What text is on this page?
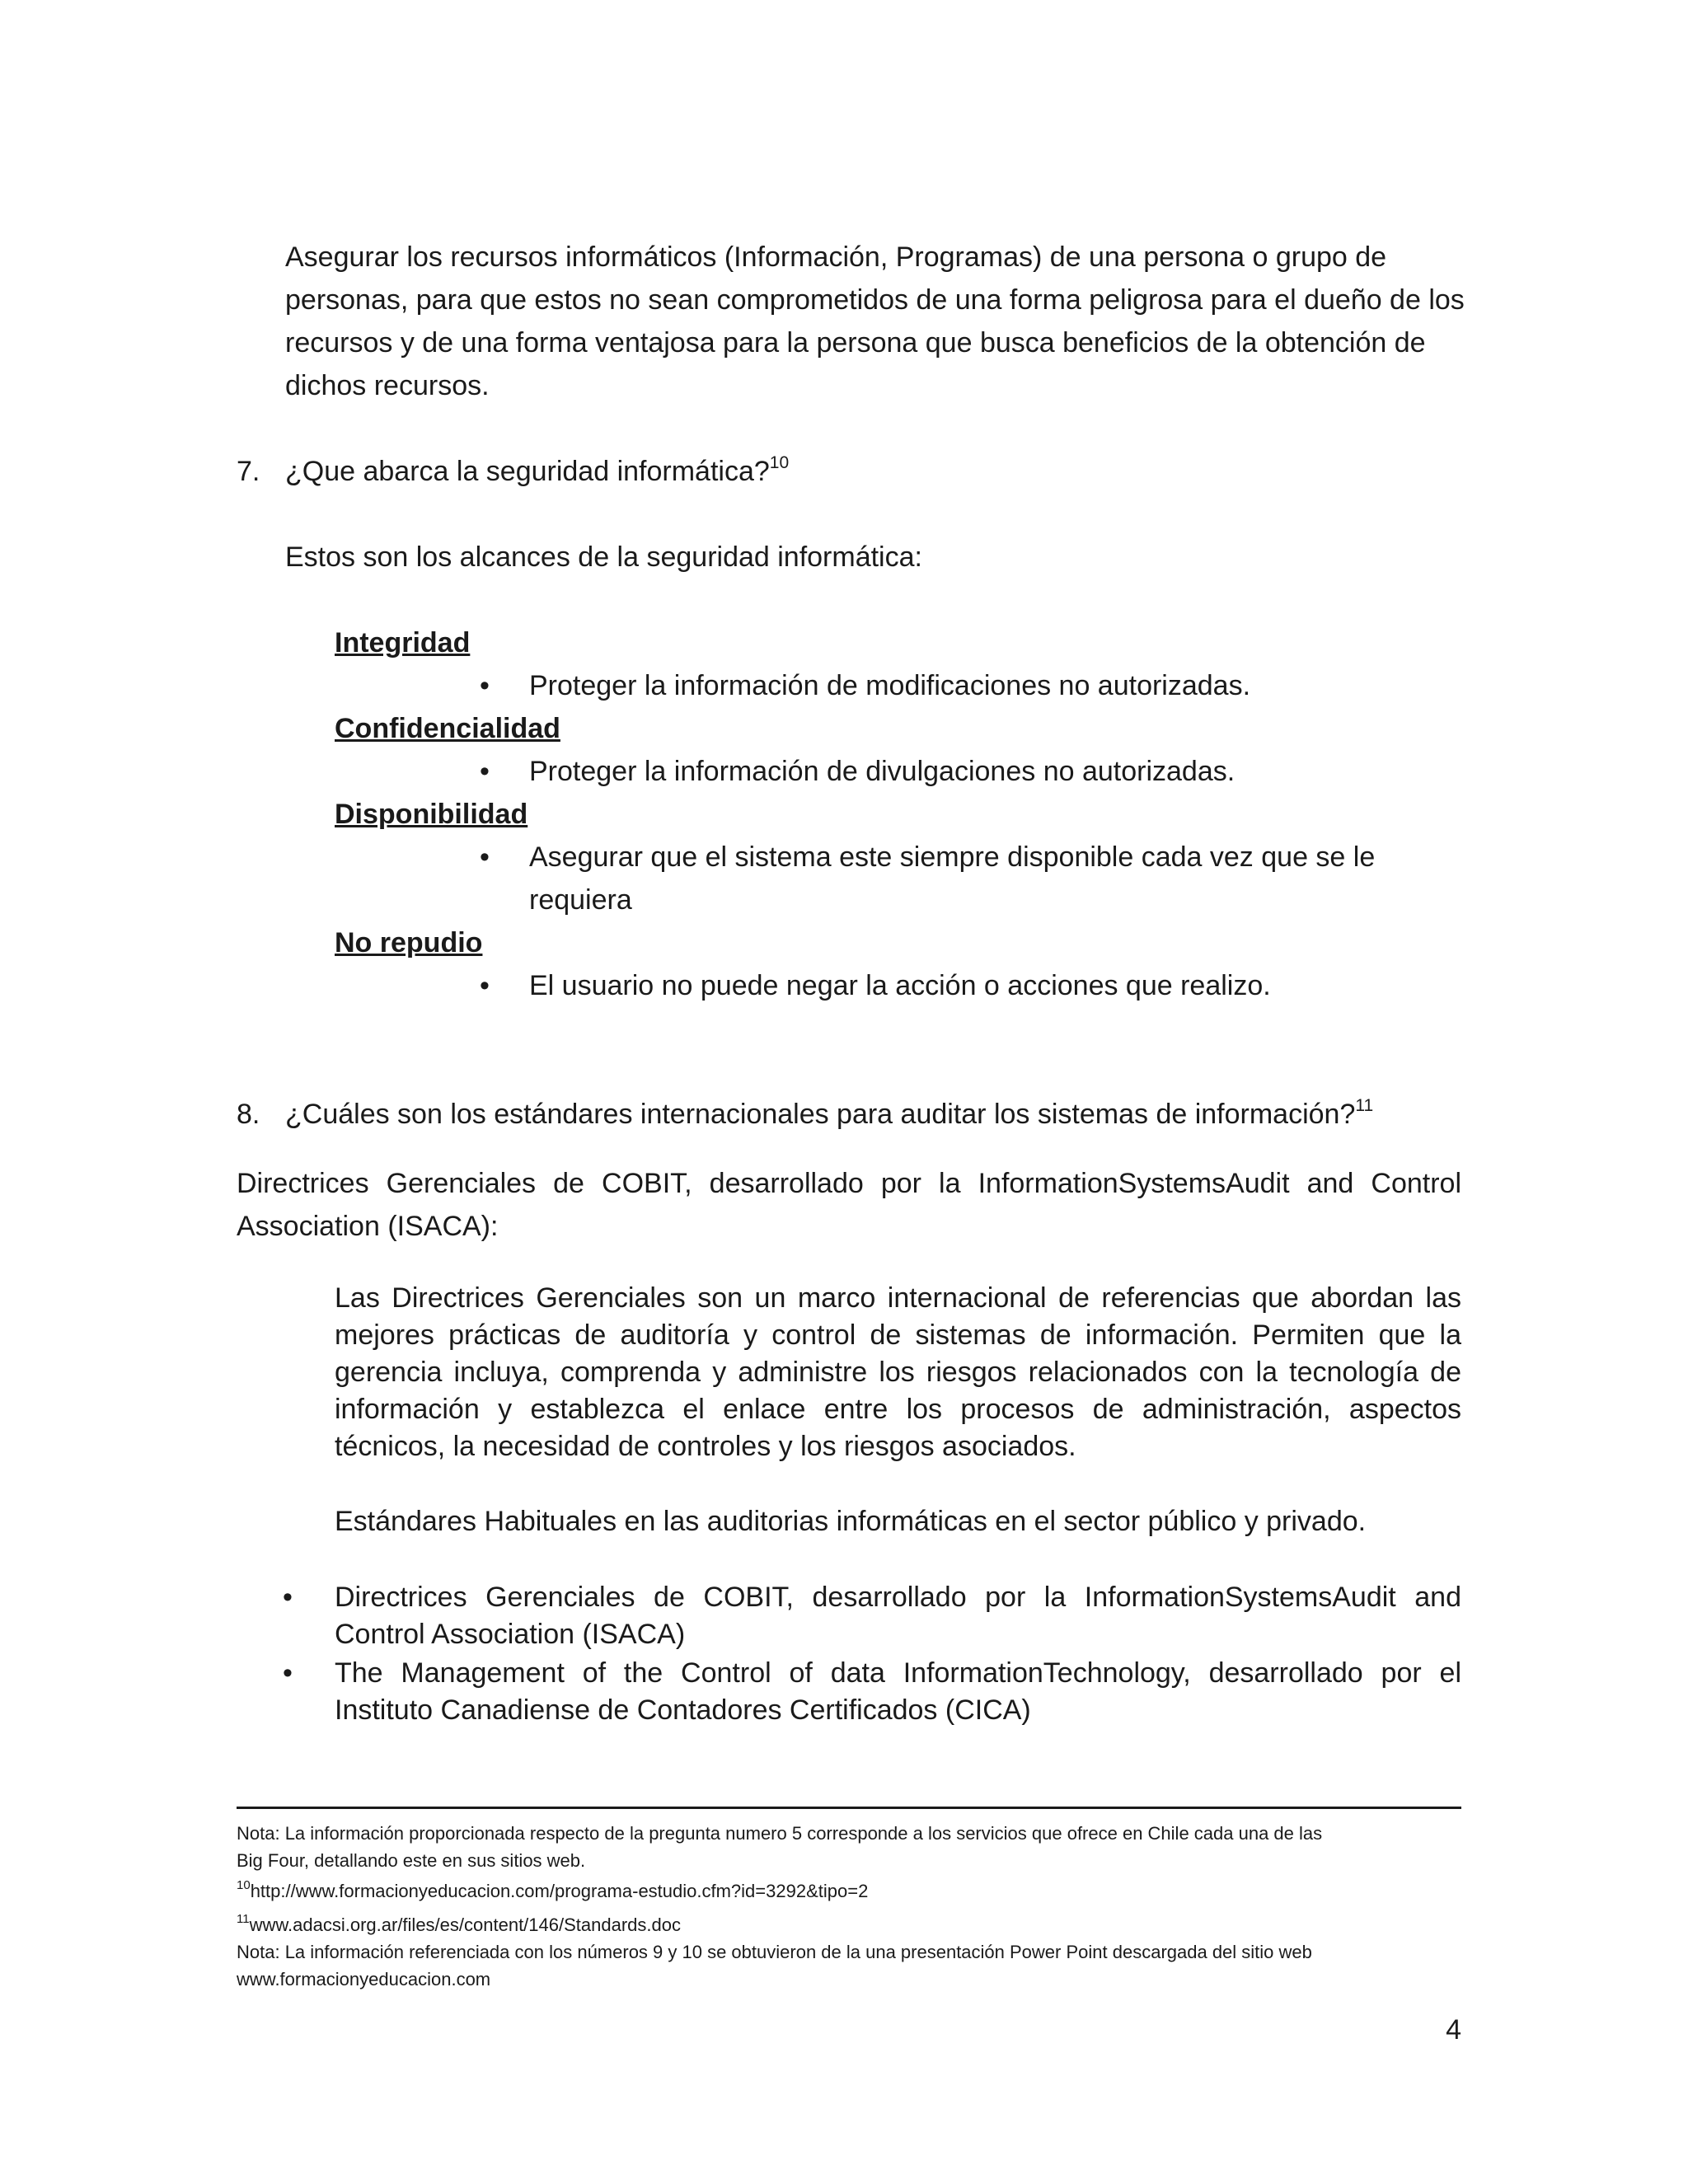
Asegurar los recursos informáticos (Información, Programas) de una persona o grupo de
personas, para que estos no sean comprometidos de una forma peligrosa para el dueño de los
recursos y de una forma ventajosa para la persona que busca beneficios de la obtención de
dichos recursos.
7. ¿Que abarca la seguridad informática?$^{10}$
Estos son los alcances de la seguridad informática:
Integridad
• Proteger la información de modificaciones no autorizadas.
Confidencialidad
• Proteger la información de divulgaciones no autorizadas.
Disponibilidad
• Asegurar que el sistema este siempre disponible cada vez que se le
requiera
No repudio
• El usuario no puede negar la acción o acciones que realizo.
8. ¿Cuáles son los estándares internacionales para auditar los sistemas de información?$^{11}$
Directrices Gerenciales de COBIT, desarrollado por la InformationSystemsAudit and Control Association (ISACA):
Las Directrices Gerenciales son un marco internacional de referencias que abordan las mejores prácticas de auditoría y control de sistemas de información. Permiten que la gerencia incluya, comprenda y administre los riesgos relacionados con la tecnología de información y establezca el enlace entre los procesos de administración, aspectos técnicos, la necesidad de controles y los riesgos asociados.
Estándares Habituales en las auditorias informáticas en el sector público y privado.
• Directrices Gerenciales de COBIT, desarrollado por la InformationSystemsAudit and Control Association (ISACA)
• The Management of the Control of data InformationTechnology, desarrollado por el Instituto Canadiense de Contadores Certificados (CICA)
Nota: La información proporcionada respecto de la pregunta numero 5 corresponde a los servicios que ofrece en Chile cada una de las
Big Four, detallando este en sus sitios web.
$^{10}$http://www.formacionyeducacion.com/programa-estudio.cfm?id=3292&tipo=2
$^{11}$www.adacsi.org.ar/files/es/content/146/Standards.doc
Nota: La información referenciada con los números 9 y 10 se obtuvieron de la una presentación Power Point descargada del sitio web
www.formacionyeducacion.com
4
